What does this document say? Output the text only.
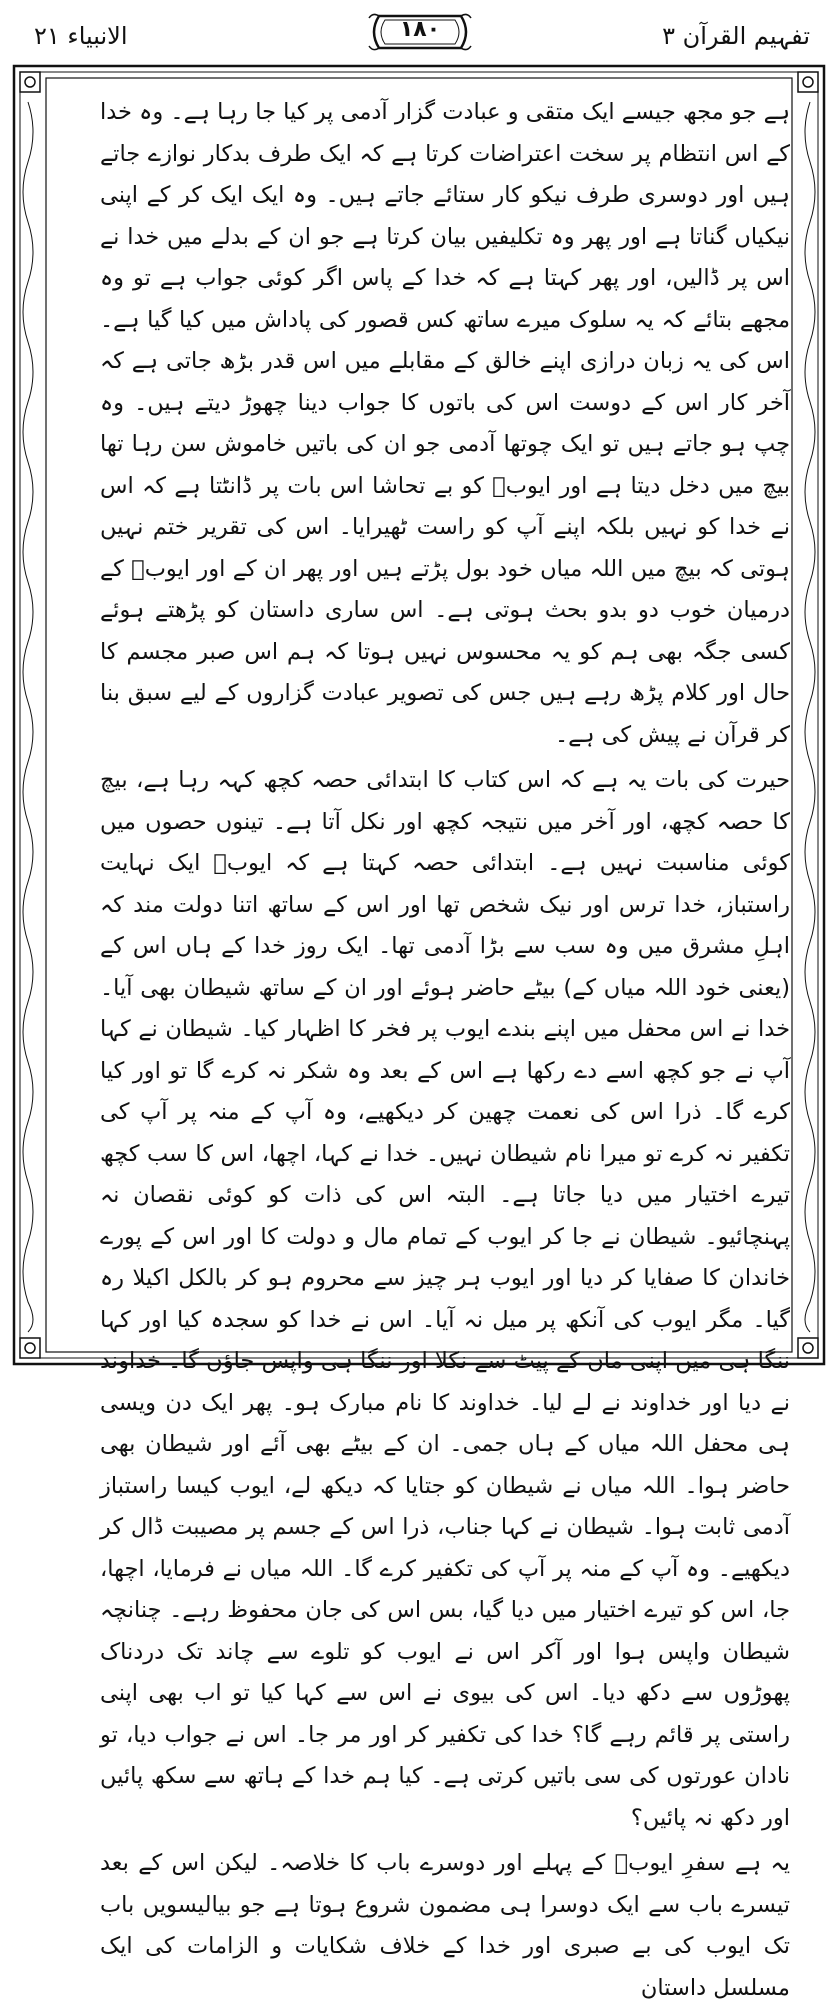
الانبیاء ۲۱	۱۸۰	تفہیم القرآن ۳

ہے جو مجھ جیسے ایک متقی و عبادت گزار آدمی پر کیا جا رہا ہے۔ وہ خدا کے اس انتظام پر سخت اعتراضات کرتا ہے کہ ایک طرف بدکار نوازے جاتے ہیں اور دوسری طرف نیکو کار ستائے جاتے ہیں۔ وہ ایک ایک کر کے اپنی نیکیاں گناتا ہے اور پھر وہ تکلیفیں بیان کرتا ہے جو ان کے بدلے میں خدا نے اس پر ڈالیں، اور پھر کہتا ہے کہ خدا کے پاس اگر کوئی جواب ہے تو وہ مجھے بتائے کہ یہ سلوک میرے ساتھ کس قصور کی پاداش میں کیا گیا ہے۔ اس کی یہ زبان درازی اپنے خالق کے مقابلے میں اس قدر بڑھ جاتی ہے کہ آخر کار اس کے دوست اس کی باتوں کا جواب دینا چھوڑ دیتے ہیں۔ وہ چپ ہو جاتے ہیں تو ایک چوتھا آدمی جو ان کی باتیں خاموش سن رہا تھا بیچ میں دخل دیتا ہے اور ایوبؑ کو بے تحاشا اس بات پر ڈانٹتا ہے کہ اس نے خدا کو نہیں بلکہ اپنے آپ کو راست ٹھیرایا۔ اس کی تقریر ختم نہیں ہوتی کہ بیچ میں اللہ میاں خود بول پڑتے ہیں اور پھر ان کے اور ایوبؑ کے درمیان خوب دو بدو بحث ہوتی ہے۔ اس ساری داستان کو پڑھتے ہوئے کسی جگہ بھی ہم کو یہ محسوس نہیں ہوتا کہ ہم اس صبر مجسم کا حال اور کلام پڑھ رہے ہیں جس کی تصویر عبادت گزاروں کے لیے سبق بنا کر قرآن نے پیش کی ہے۔

حیرت کی بات یہ ہے کہ اس کتاب کا ابتدائی حصہ کچھ کہہ رہا ہے، بیچ کا حصہ کچھ، اور آخر میں نتیجہ کچھ اور نکل آتا ہے۔ تینوں حصوں میں کوئی مناسبت نہیں ہے۔ ابتدائی حصہ کہتا ہے کہ ایوبؑ ایک نہایت راستباز، خدا ترس اور نیک شخص تھا اور اس کے ساتھ اتنا دولت مند کہ اہلِ مشرق میں وہ سب سے بڑا آدمی تھا۔ ایک روز خدا کے ہاں اس کے (یعنی خود اللہ میاں کے) بیٹے حاضر ہوئے اور ان کے ساتھ شیطان بھی آیا۔ خدا نے اس محفل میں اپنے بندے ایوب پر فخر کا اظہار کیا۔ شیطان نے کہا آپ نے جو کچھ اسے دے رکھا ہے اس کے بعد وہ شکر نہ کرے گا تو اور کیا کرے گا۔ ذرا اس کی نعمت چھین کر دیکھیے، وہ آپ کے منہ پر آپ کی تکفیر نہ کرے تو میرا نام شیطان نہیں۔ خدا نے کہا، اچھا، اس کا سب کچھ تیرے اختیار میں دیا جاتا ہے۔ البتہ اس کی ذات کو کوئی نقصان نہ پہنچائیو۔ شیطان نے جا کر ایوب کے تمام مال و دولت کا اور اس کے پورے خاندان کا صفایا کر دیا اور ایوب ہر چیز سے محروم ہو کر بالکل اکیلا رہ گیا۔ مگر ایوب کی آنکھ پر میل نہ آیا۔ اس نے خدا کو سجدہ کیا اور کہا ننگا ہی میں اپنی ماں کے پیٹ سے نکلا اور ننگا ہی واپس جاؤں گا۔ خداوند نے دیا اور خداوند نے لے لیا۔ خداوند کا نام مبارک ہو۔ پھر ایک دن ویسی ہی محفل اللہ میاں کے ہاں جمی۔ ان کے بیٹے بھی آئے اور شیطان بھی حاضر ہوا۔ اللہ میاں نے شیطان کو جتایا کہ دیکھ لے، ایوب کیسا راستباز آدمی ثابت ہوا۔ شیطان نے کہا جناب، ذرا اس کے جسم پر مصیبت ڈال کر دیکھیے۔ وہ آپ کے منہ پر آپ کی تکفیر کرے گا۔ اللہ میاں نے فرمایا، اچھا، جا، اس کو تیرے اختیار میں دیا گیا، بس اس کی جان محفوظ رہے۔ چنانچہ شیطان واپس ہوا اور آکر اس نے ایوب کو تلوے سے چاند تک دردناک پھوڑوں سے دکھ دیا۔ اس کی بیوی نے اس سے کہا کیا تو اب بھی اپنی راستی پر قائم رہے گا؟ خدا کی تکفیر کر اور مر جا۔ اس نے جواب دیا، تو نادان عورتوں کی سی باتیں کرتی ہے۔ کیا ہم خدا کے ہاتھ سے سکھ پائیں اور دکھ نہ پائیں؟

یہ ہے سفرِ ایوبؑ کے پہلے اور دوسرے باب کا خلاصہ۔ لیکن اس کے بعد تیسرے باب سے ایک دوسرا ہی مضمون شروع ہوتا ہے جو بیالیسویں باب تک ایوب کی بے صبری اور خدا کے خلاف شکایات و الزامات کی ایک مسلسل داستان
